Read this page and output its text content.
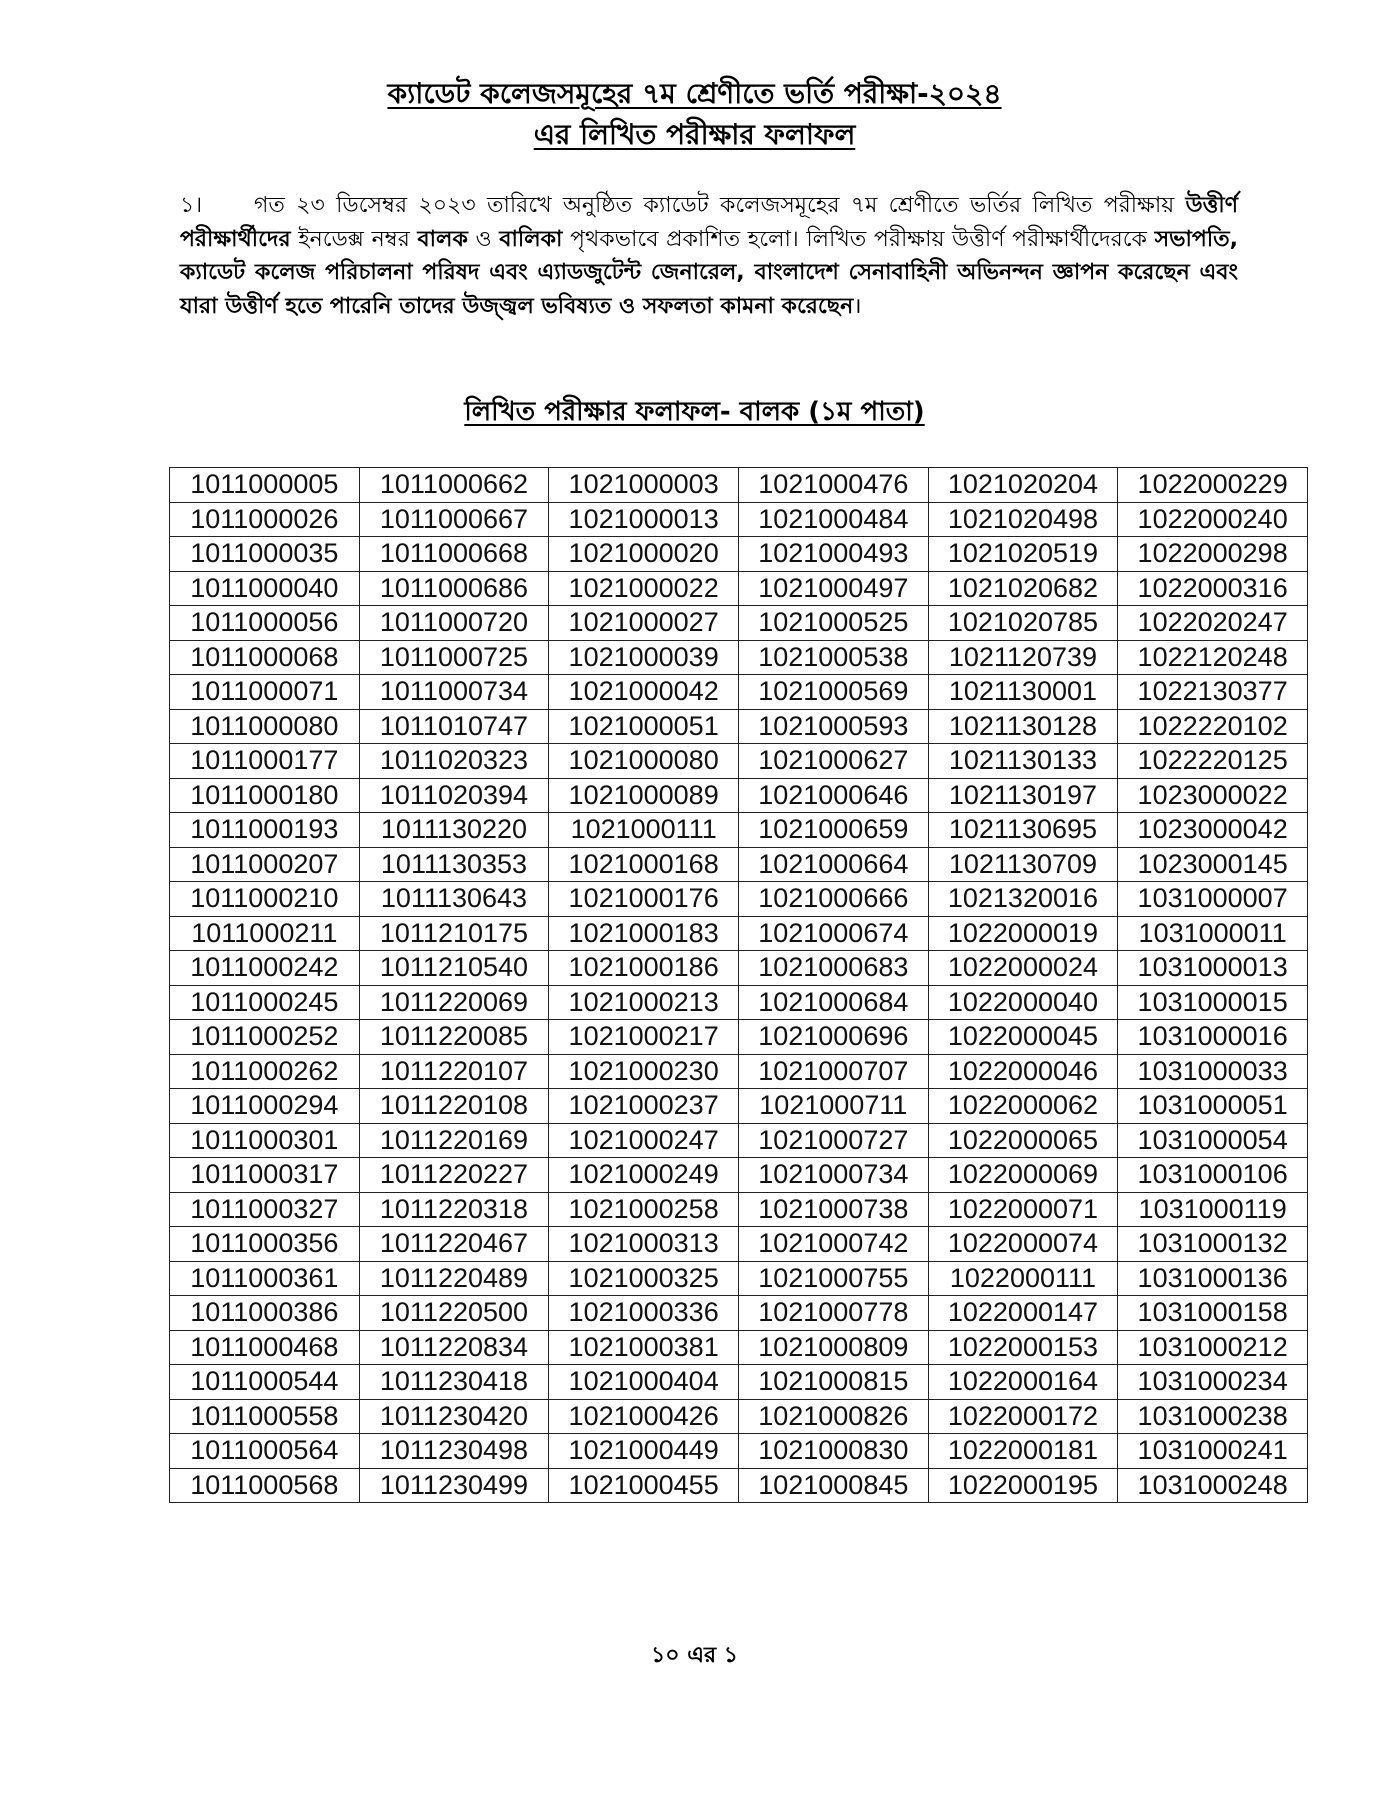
ক্যাডেট কলেজসমূহের ৭ম শ্রেণীতে ভর্তি পরীক্ষা-২০২৪
এর লিখিত পরীক্ষার ফলাফল
১। গত ২৩ ডিসেম্বর ২০২৩ তারিখে অনুষ্ঠিত ক্যাডেট কলেজসমূহের ৭ম শ্রেণীতে ভর্তির লিখিত পরীক্ষায় উত্তীর্ণ পরীক্ষার্থীদের ইনডেক্স নম্বর বালক ও বালিকা পৃথকভাবে প্রকাশিত হলো। লিখিত পরীক্ষায় উত্তীর্ণ পরীক্ষার্থীদেরকে সভাপতি, ক্যাডেট কলেজ পরিচালনা পরিষদ এবং এ্যাডজুটেন্ট জেনারেল, বাংলাদেশ সেনাবাহিনী অভিনন্দন জ্ঞাপন করেছেন এবং যারা উত্তীর্ণ হতে পারেনি তাদের উজ্জ্বল ভবিষ্যত ও সফলতা কামনা করেছেন।
লিখিত পরীক্ষার ফলাফল- বালক (১ম পাতা)
1011000005	1011000662	1021000003	1021000476	1021020204	1022000229
1011000026	1011000667	1021000013	1021000484	1021020498	1022000240
1011000035	1011000668	1021000020	1021000493	1021020519	1022000298
1011000040	1011000686	1021000022	1021000497	1021020682	1022000316
1011000056	1011000720	1021000027	1021000525	1021020785	1022020247
1011000068	1011000725	1021000039	1021000538	1021120739	1022120248
1011000071	1011000734	1021000042	1021000569	1021130001	1022130377
1011000080	1011010747	1021000051	1021000593	1021130128	1022220102
1011000177	1011020323	1021000080	1021000627	1021130133	1022220125
1011000180	1011020394	1021000089	1021000646	1021130197	1023000022
1011000193	1011130220	1021000111	1021000659	1021130695	1023000042
1011000207	1011130353	1021000168	1021000664	1021130709	1023000145
1011000210	1011130643	1021000176	1021000666	1021320016	1031000007
1011000211	1011210175	1021000183	1021000674	1022000019	1031000011
1011000242	1011210540	1021000186	1021000683	1022000024	1031000013
1011000245	1011220069	1021000213	1021000684	1022000040	1031000015
1011000252	1011220085	1021000217	1021000696	1022000045	1031000016
1011000262	1011220107	1021000230	1021000707	1022000046	1031000033
1011000294	1011220108	1021000237	1021000711	1022000062	1031000051
1011000301	1011220169	1021000247	1021000727	1022000065	1031000054
1011000317	1011220227	1021000249	1021000734	1022000069	1031000106
1011000327	1011220318	1021000258	1021000738	1022000071	1031000119
1011000356	1011220467	1021000313	1021000742	1022000074	1031000132
1011000361	1011220489	1021000325	1021000755	1022000111	1031000136
1011000386	1011220500	1021000336	1021000778	1022000147	1031000158
1011000468	1011220834	1021000381	1021000809	1022000153	1031000212
1011000544	1011230418	1021000404	1021000815	1022000164	1031000234
1011000558	1011230420	1021000426	1021000826	1022000172	1031000238
1011000564	1011230498	1021000449	1021000830	1022000181	1031000241
1011000568	1011230499	1021000455	1021000845	1022000195	1031000248
১০ এর ১
